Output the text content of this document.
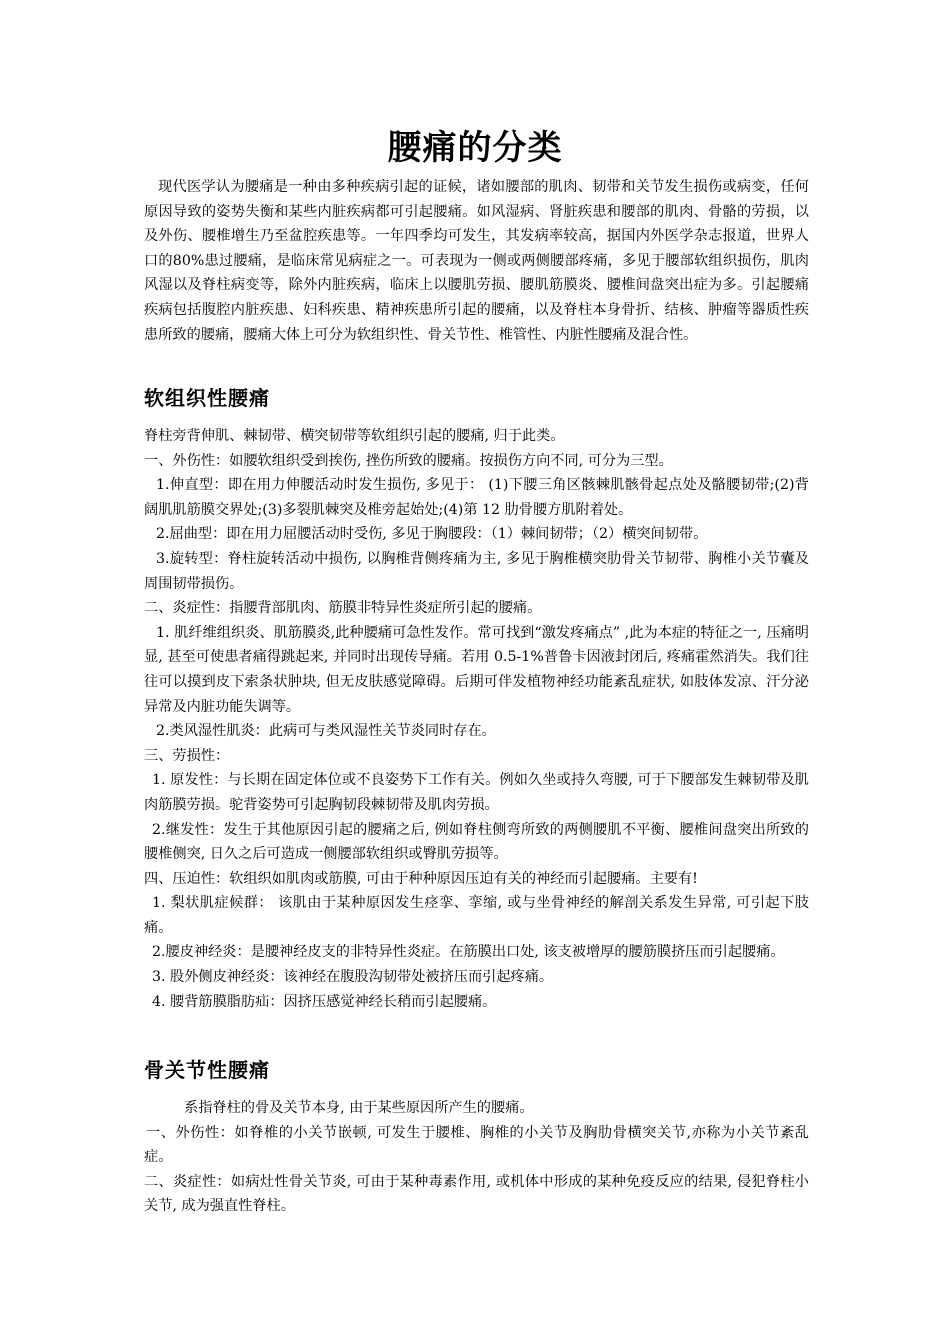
腰痛的分类

现代医学认为腰痛是一种由多种疾病引起的证候，诸如腰部的肌肉、韧带和关节发生损伤或病变，任何原因导致的姿势失衡和某些内脏疾病都可引起腰痛。如风湿病、肾脏疾患和腰部的肌肉、骨骼的劳损，以及外伤、腰椎增生乃至盆腔疾患等。一年四季均可发生，其发病率较高，据国内外医学杂志报道，世界人口的80%患过腰痛，是临床常见病症之一。可表现为一侧或两侧腰部疼痛，多见于腰部软组织损伤，肌肉风湿以及脊柱病变等，除外内脏疾病，临床上以腰肌劳损、腰肌筋膜炎、腰椎间盘突出症为多。引起腰痛疾病包括腹腔内脏疾患、妇科疾患、精神疾患所引起的腰痛，以及脊柱本身骨折、结核、肿瘤等器质性疾患所致的腰痛，腰痛大体上可分为软组织性、骨关节性、椎管性、内脏性腰痛及混合性。

软组织性腰痛

脊柱旁背伸肌、棘韧带、横突韧带等软组织引起的腰痛, 归于此类。

一、外伤性：如腰软组织受到挨伤, 挫伤所致的腰痛。按损伤方向不同, 可分为三型。

1.伸直型：即在用力伸腰活动时发生损伤, 多见于： (1)下腰三角区骸棘肌骸骨起点处及骼腰韧带;(2)背阔肌肌筋膜交界处;(3)多裂肌棘突及椎旁起始处;(4)第 12 肋骨腰方肌附着处。

2.屈曲型：即在用力屈腰活动时受伤, 多见于胸腰段：（1）棘间韧带；（2）横突间韧带。

3.旋转型：脊柱旋转活动中损伤, 以胸椎背侧疼痛为主, 多见于胸椎横突肋骨关节韧带、胸椎小关节囊及周围韧带损伤。

二、炎症性：指腰背部肌肉、筋膜非特异性炎症所引起的腰痛。

1. 肌纤维组织炎、肌筋膜炎,此种腰痛可急性发作。常可找到“激发疼痛点” ,此为本症的特征之一, 压痛明显, 甚至可使患者痛得跳起来, 并同时出现传导痛。若用 0.5-1%普鲁卡因液封闭后, 疼痛霍然消失。我们往往可以摸到皮下索条状肿块, 但无皮肤感觉障碍。后期可伴发植物神经功能紊乱症状, 如肢体发凉、汗分泌异常及内脏功能失调等。

2.类风湿性肌炎：此病可与类风湿性关节炎同时存在。

三、劳损性：

1. 原发性：与长期在固定体位或不良姿势下工作有关。例如久坐或持久弯腰, 可于下腰部发生棘韧带及肌肉筋膜劳损。驼背姿势可引起胸韧段棘韧带及肌肉劳损。

2.继发性：发生于其他原因引起的腰痛之后, 例如脊柱侧弯所致的两侧腰肌不平衡、腰椎间盘突出所致的腰椎侧突, 日久之后可造成一侧腰部软组织或臀肌劳损等。

四、压迫性：软组织如肌肉或筋膜, 可由于种种原因压迫有关的神经而引起腰痛。主要有!

1. 梨状肌症候群： 该肌由于某种原因发生痉挛、挛缩, 或与坐骨神经的解剖关系发生异常, 可引起下肢痛。

2.腰皮神经炎：是腰神经皮支的非特异性炎症。在筋膜出口处, 该支被增厚的腰筋膜挤压而引起腰痛。

3. 股外侧皮神经炎：该神经在腹股沟韧带处被挤压而引起疼痛。

4. 腰背筋膜脂肪疝：因挤压感觉神经长稍而引起腰痛。

骨关节性腰痛

系指脊柱的骨及关节本身, 由于某些原因所产生的腰痛。

一、外伤性：如脊椎的小关节嵌顿, 可发生于腰椎、胸椎的小关节及胸肋骨横突关节,亦称为小关节紊乱症。

二、炎症性：如病灶性骨关节炎, 可由于某种毒素作用, 或机体中形成的某种免疫反应的结果, 侵犯脊柱小关节, 成为强直性脊柱。
